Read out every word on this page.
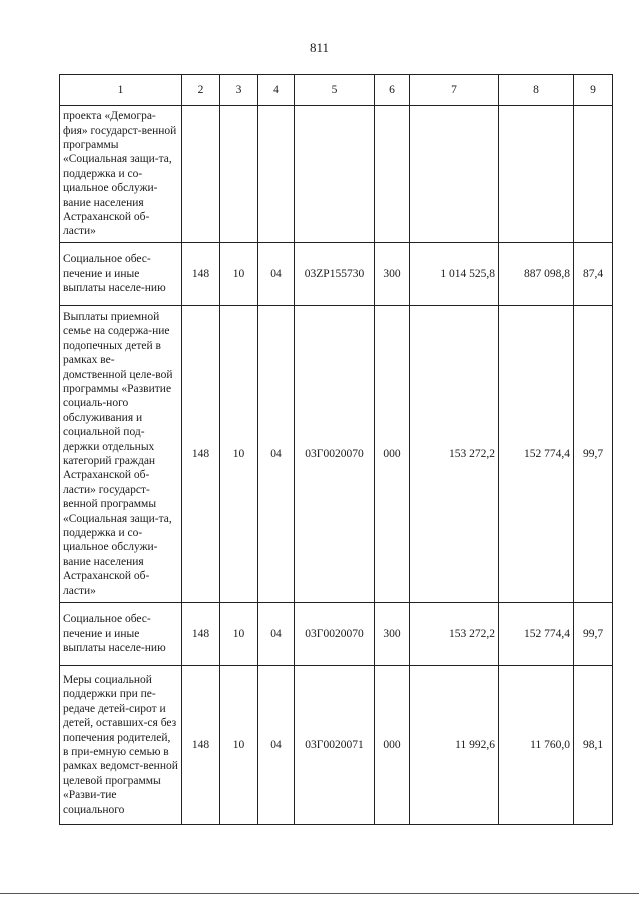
811
1	2	3	4	5	6	7	8	9
проекта «Демогра-фия» государст-венной программы «Социальная защи-та, поддержка и со-циальное обслужи-вание населения Астраханской об-ласти»								
Социальное обес-печение и иные выплаты населе-нию	148	10	04	03ZP155730	300	1 014 525,8	887 098,8	87,4
Выплаты приемной семье на содержа-ние подопечных детей в рамках ве-домственной целе-вой программы «Развитие социаль-ного обслуживания и социальной под-держки отдельных категорий граждан Астраханской об-ласти» государст-венной программы «Социальная защи-та, поддержка и со-циальное обслужи-вание населения Астраханской об-ласти»	148	10	04	03Г0020070	000	153 272,2	152 774,4	99,7
Социальное обес-печение и иные выплаты населе-нию	148	10	04	03Г0020070	300	153 272,2	152 774,4	99,7
Меры социальной поддержки при пе-редаче детей-сирот и детей, оставших-ся без попечения родителей, в при-емную семью в рамках ведомст-венной целевой программы «Разви-тие социального	148	10	04	03Г0020071	000	11 992,6	11 760,0	98,1
